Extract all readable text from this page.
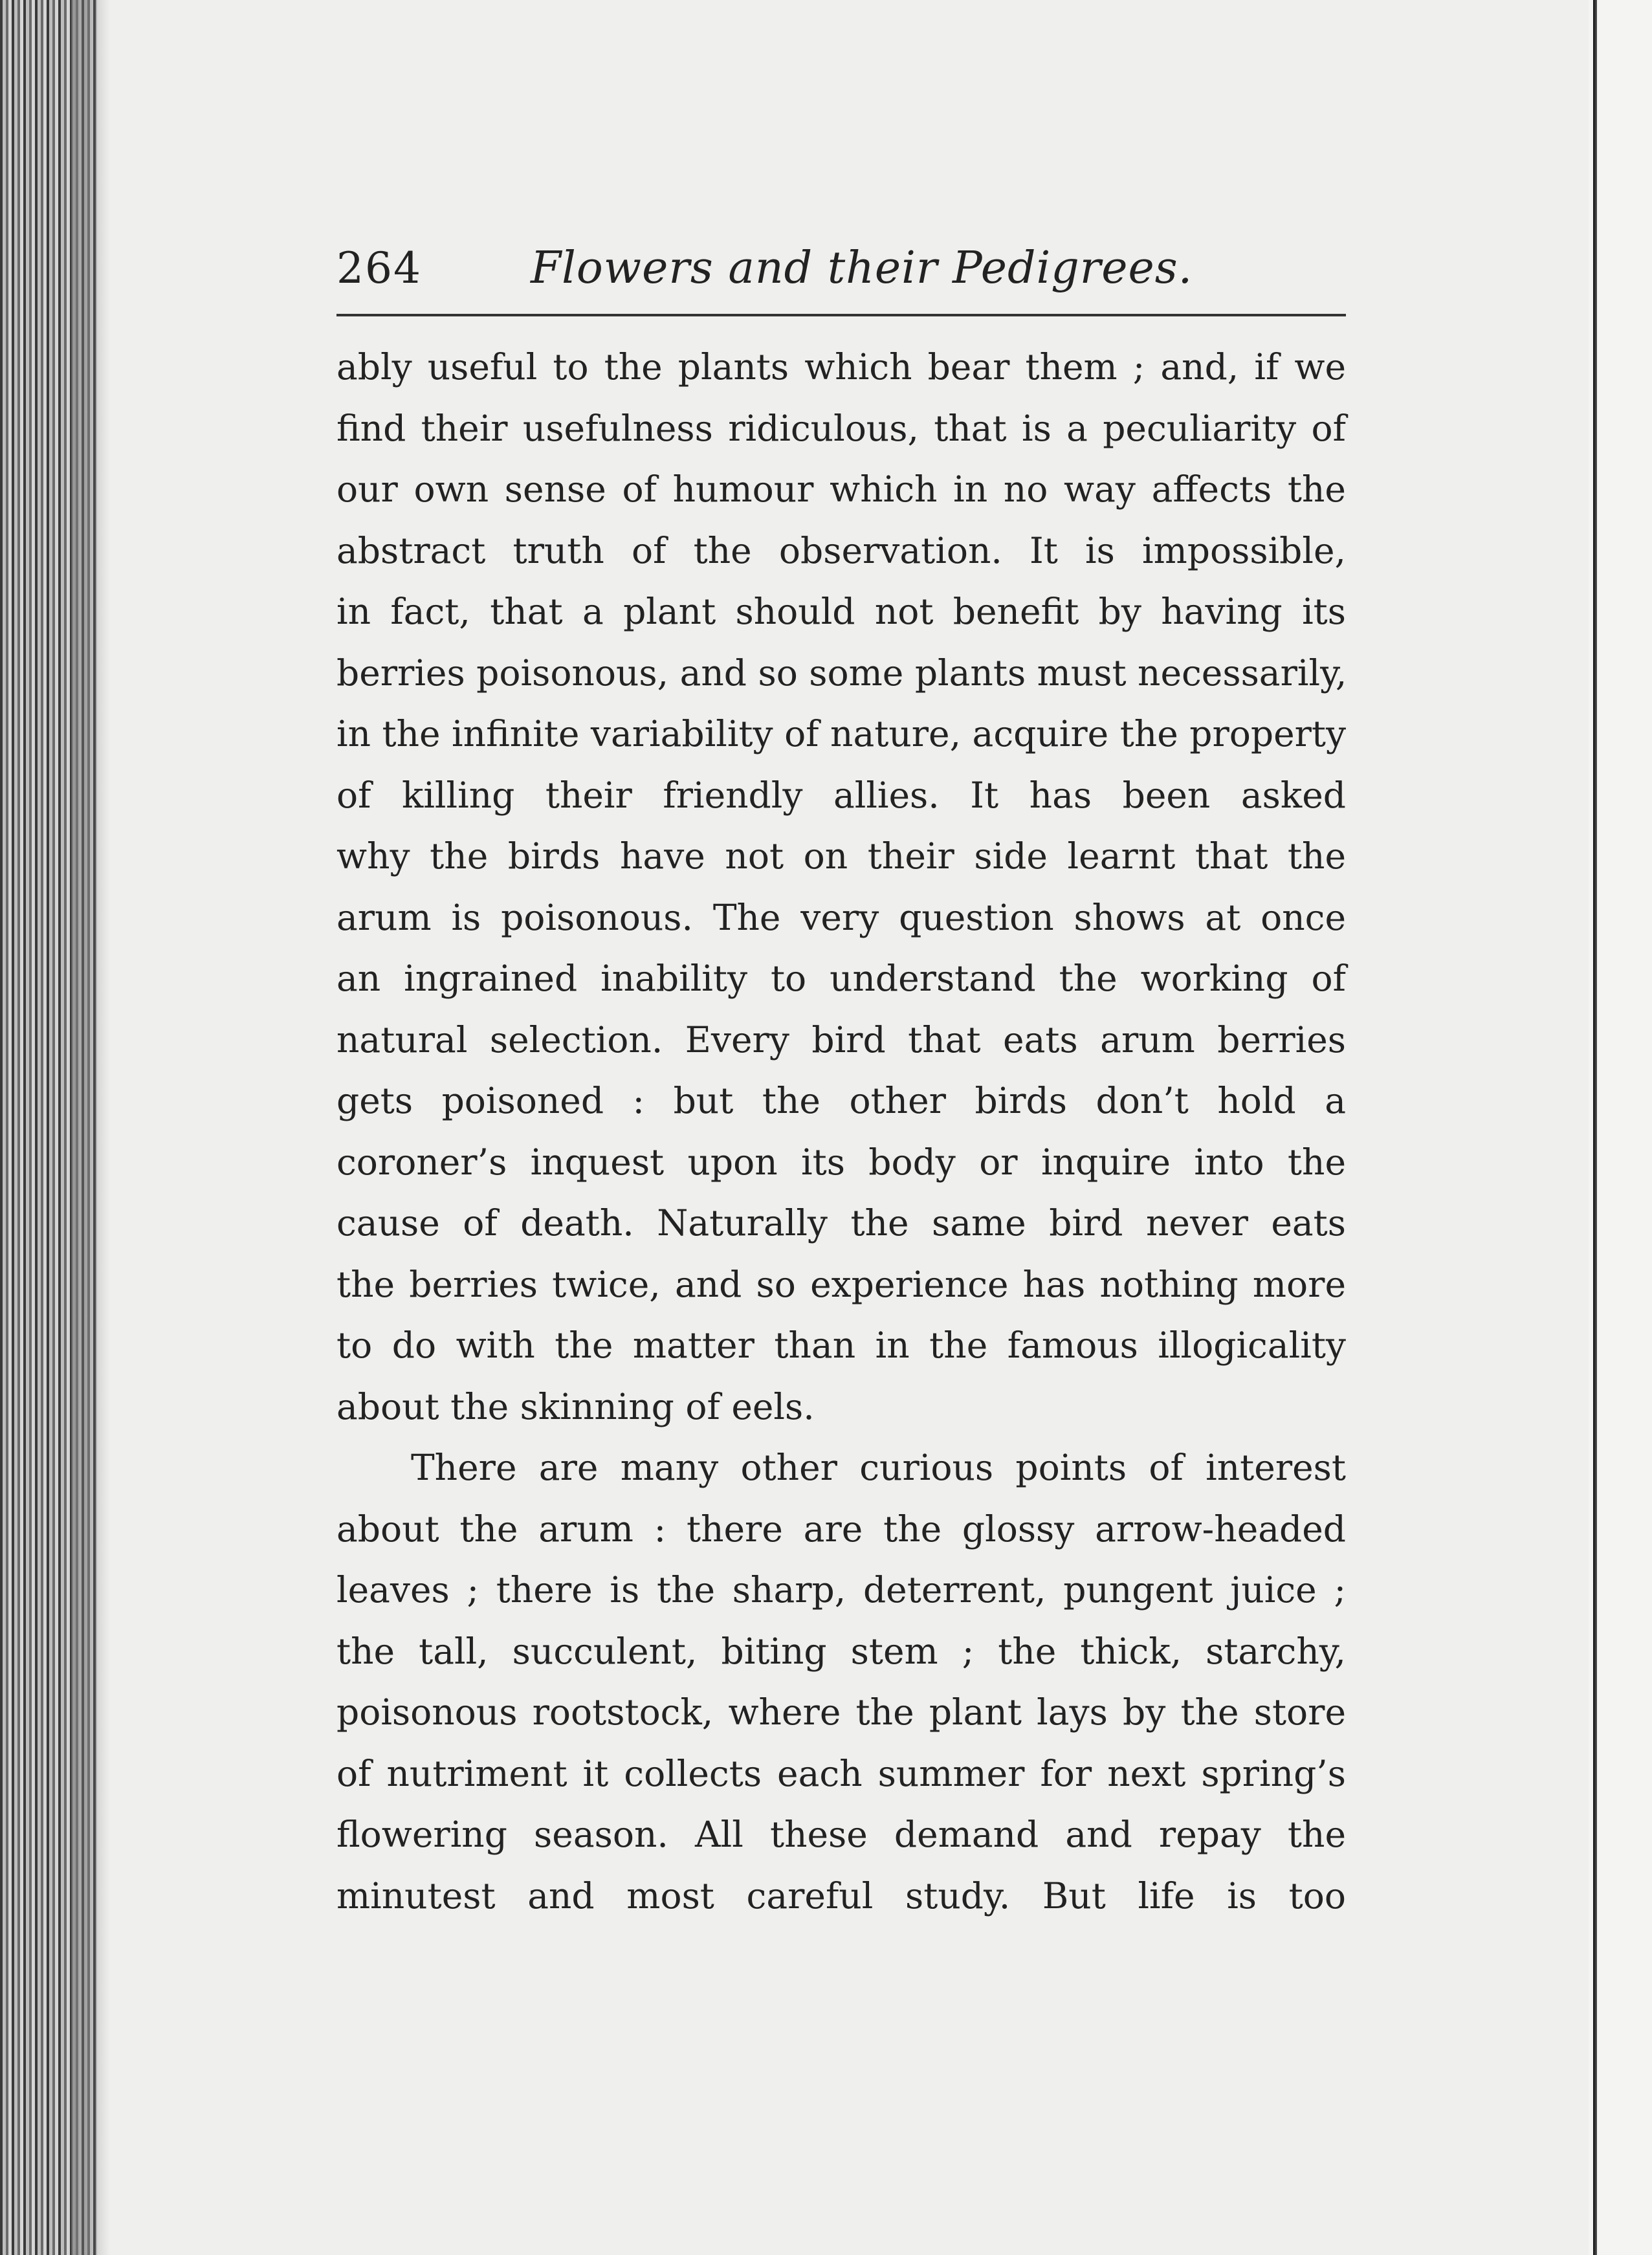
264 Flowers and their Pedigrees.
ably useful to the plants which bear them ; and, if we
find their usefulness ridiculous, that is a peculiarity of
our own sense of humour which in no way affects the
abstract truth of the observation. It is impossible,
in fact, that a plant should not benefit by having its
berries poisonous, and so some plants must necessarily,
in the infinite variability of nature, acquire the property
of killing their friendly allies. It has been asked
why the birds have not on their side learnt that the
arum is poisonous. The very question shows at once
an ingrained inability to understand the working of
natural selection. Every bird that eats arum berries
gets poisoned : but the other birds don’t hold a
coroner’s inquest upon its body or inquire into the
cause of death. Naturally the same bird never eats
the berries twice, and so experience has nothing more
to do with the matter than in the famous illogicality
about the skinning of eels.
There are many other curious points of interest
about the arum : there are the glossy arrow-headed
leaves ; there is the sharp, deterrent, pungent juice ;
the tall, succulent, biting stem ; the thick, starchy,
poisonous rootstock, where the plant lays by the store
of nutriment it collects each summer for next spring’s
flowering season. All these demand and repay the
minutest and most careful study. But life is too
